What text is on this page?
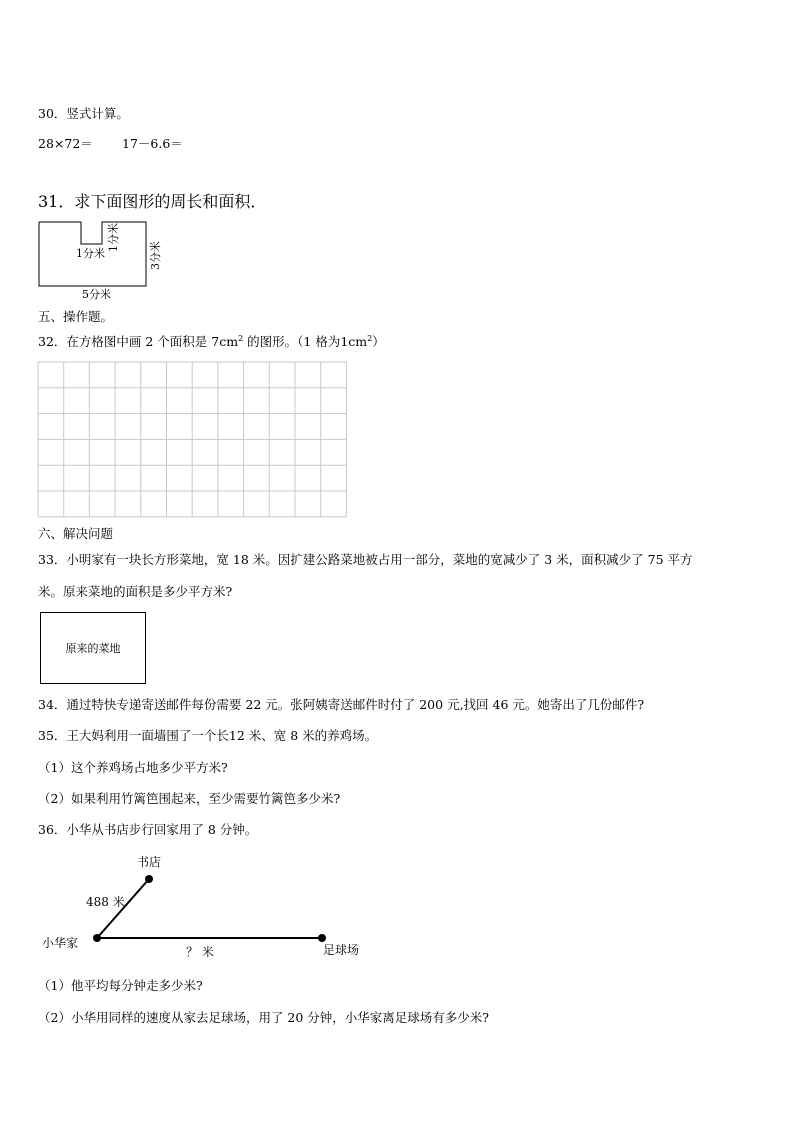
30．竖式计算。
28×72＝ 17－6.6＝
31．求下面图形的周长和面积．
1分米
1分米
3分米
5分米
五、操作题。
32．在方格图中画 2 个面积是 $7cm^2$ 的图形。（1 格为$1cm^2$）
六、解决问题
33．小明家有一块长方形菜地，宽 18 米。因扩建公路菜地被占用一部分，菜地的宽减少了 3 米，面积减少了 75 平方
米。原来菜地的面积是多少平方米?
原来的菜地
34．通过特快专递寄送邮件每份需要 22 元。张阿姨寄送邮件时付了 200 元,找回 46 元。她寄出了几份邮件?
35．王大妈利用一面墙围了一个长12 米、宽 8 米的养鸡场。
（1）这个养鸡场占地多少平方米?
（2）如果利用竹篱笆围起来，至少需要竹篱笆多少米?
36．小华从书店步行回家用了 8 分钟。
书店
488 米
小华家
？ 米	足球场
（1）他平均每分钟走多少米?
（2）小华用同样的速度从家去足球场，用了 20 分钟，小华家离足球场有多少米?
